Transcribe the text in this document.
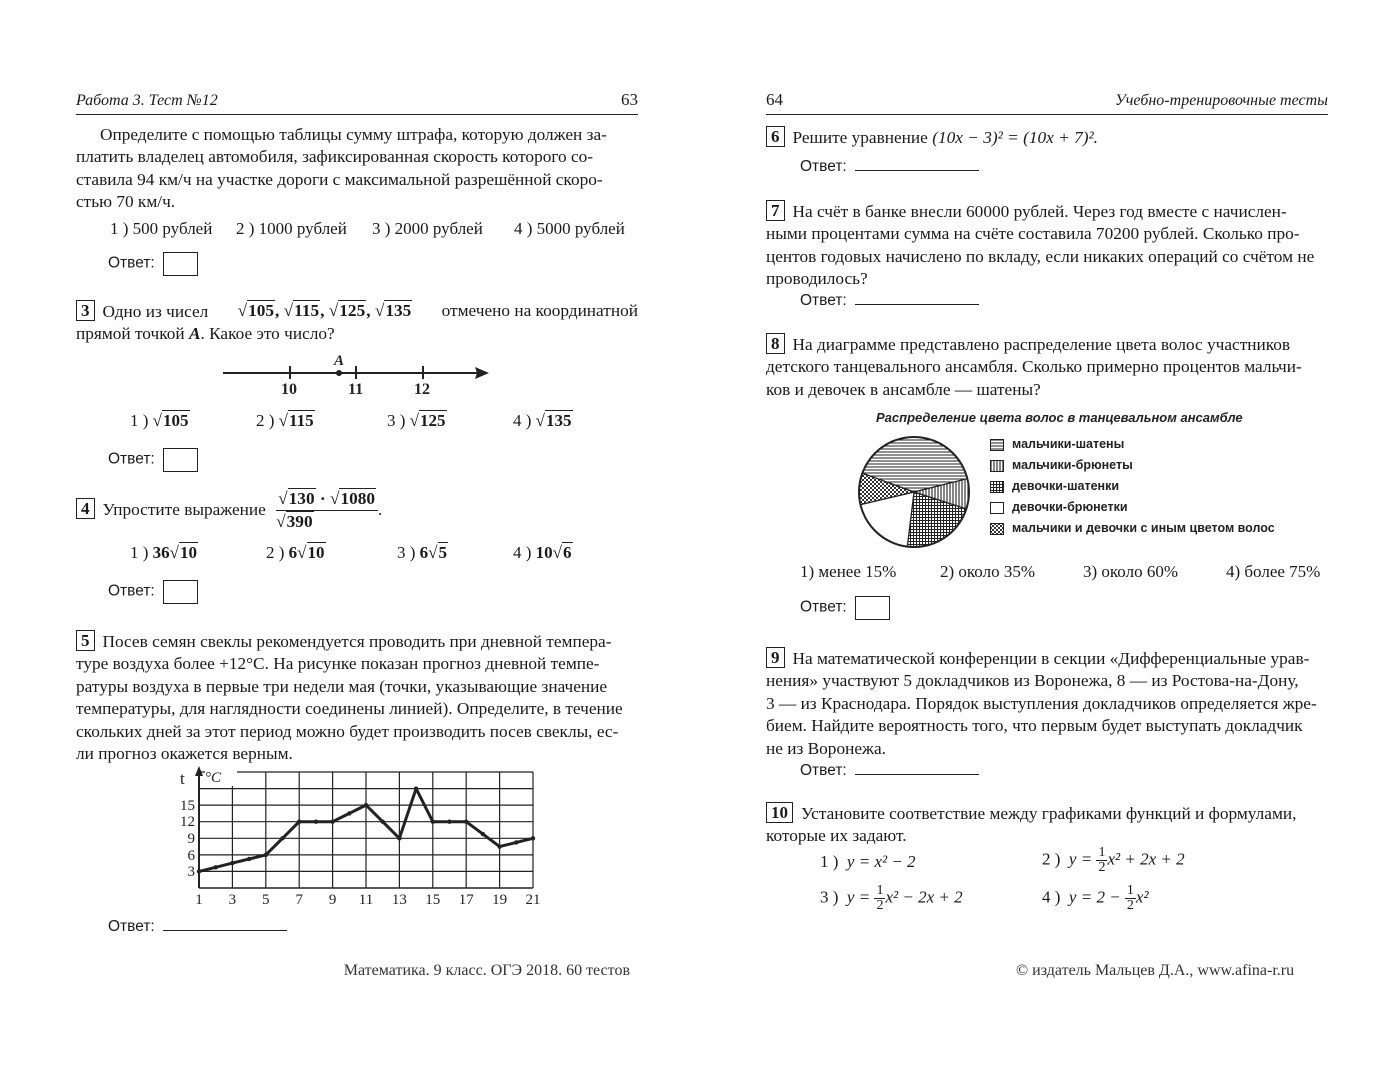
Работа 3. Тест №12	63
Определите с помощью таблицы сумму штрафа, которую должен за-
платить владелец автомобиля, зафиксированная скорость которого со-
ставила 94 км/ч на участке дороги с максимальной разрешённой скоро-
стью 70 км/ч.
1 ) 500 рублей 2 ) 1000 рублей 3 ) 2000 рублей 4 ) 5000 рублей
Ответ:
3 Одно из чисел √105, √115, √125, √135 отмечено на координатной
прямой точкой A. Какое это число?
A
10	11	12
1 ) √105	2 ) √115	3 ) √125	4 ) √135
Ответ:
4 Упростите выражение $\frac{√130 \cdot √1080}{√390}$ .
1 ) 36√10	2 ) 6√10	3 ) 6√5	4 ) 10√6
Ответ:
5 Посев семян свеклы рекомендуется проводить при дневной темпера-
туре воздуха более +12°C. На рисунке показан прогноз дневной темпе-
ратуры воздуха в первые три недели мая (точки, указывающие значение
температуры, для наглядности соединены линией). Определите, в течение
скольких дней за этот период можно будет производить посев свеклы, ес-
ли прогноз окажется верным.
t °C
3
6
9
12
15
1 3 5 7 9 11 13 15 17 19 21
Ответ:
Математика. 9 класс. ОГЭ 2018. 60 тестов
64	Учебно-тренировочные тесты
6 Решите уравнение (10x − 3)² = (10x + 7)².
Ответ:
7 На счёт в банке внесли 60000 рублей. Через год вместе с начислен-
ными процентами сумма на счёте составила 70200 рублей. Сколько про-
центов годовых начислено по вкладу, если никаких операций со счётом не
проводилось?
Ответ:
8 На диаграмме представлено распределение цвета волос участников
детского танцевального ансамбля. Сколько примерно процентов мальчи-
ков и девочек в ансамбле — шатены?
Распределение цвета волос в танцевальном ансамбле
мальчики-шатены
мальчики-брюнеты
девочки-шатенки
девочки-брюнетки
мальчики и девочки с иным цветом волос
1) менее 15%	2) около 35%	3) около 60%	4) более 75%
Ответ:
9 На математической конференции в секции «Дифференциальные урав-
нения» участвуют 5 докладчиков из Воронежа, 8 — из Ростова-на-Дону,
3 — из Краснодара. Порядок выступления докладчиков определяется жре-
бием. Найдите вероятность того, что первым будет выступать докладчик
не из Воронежа.
Ответ:
10 Установите соответствие между графиками функций и формулами,
которые их задают.
1 ) y = x² − 2	2 ) $y = \frac{1}{2} x^2 + 2x + 2$
3 ) $y = \frac{1}{2} x^2 - 2x + 2$	4 ) $y = 2 - \frac{1}{2} x^2$
© издатель Мальцев Д.А., www.afina-r.ru
